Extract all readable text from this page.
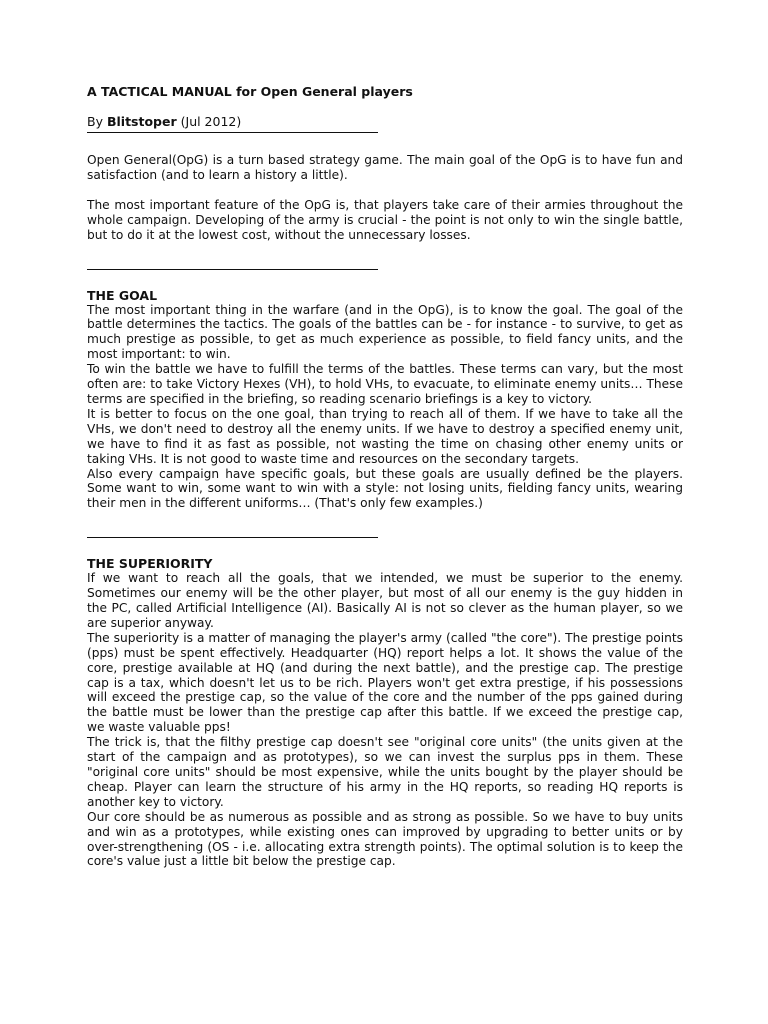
A TACTICAL MANUAL for Open General players
By Blitstoper (Jul 2012)

Open General(OpG) is a turn based strategy game. The main goal of the OpG is to have fun and satisfaction (and to learn a history a little).

The most important feature of the OpG is, that players take care of their armies throughout the whole campaign. Developing of the army is crucial - the point is not only to win the single battle, but to do it at the lowest cost, without the unnecessary losses.

THE GOAL

The most important thing in the warfare (and in the OpG), is to know the goal. The goal of the battle determines the tactics. The goals of the battles can be - for instance - to survive, to get as much prestige as possible, to get as much experience as possible, to field fancy units, and the most important: to win.

To win the battle we have to fulfill the terms of the battles. These terms can vary, but the most often are: to take Victory Hexes (VH), to hold VHs, to evacuate, to eliminate enemy units… These terms are specified in the briefing, so reading scenario briefings is a key to victory.

It is better to focus on the one goal, than trying to reach all of them. If we have to take all the VHs, we don't need to destroy all the enemy units. If we have to destroy a specified enemy unit, we have to find it as fast as possible, not wasting the time on chasing other enemy units or taking VHs. It is not good to waste time and resources on the secondary targets.

Also every campaign have specific goals, but these goals are usually defined be the players. Some want to win, some want to win with a style: not losing units, fielding fancy units, wearing their men in the different uniforms… (That's only few examples.)

THE SUPERIORITY

If we want to reach all the goals, that we intended, we must be superior to the enemy. Sometimes our enemy will be the other player, but most of all our enemy is the guy hidden in the PC, called Artificial Intelligence (AI). Basically AI is not so clever as the human player, so we are superior anyway.

The superiority is a matter of managing the player's army (called "the core"). The prestige points (pps) must be spent effectively. Headquarter (HQ) report helps a lot. It shows the value of the core, prestige available at HQ (and during the next battle), and the prestige cap. The prestige cap is a tax, which doesn't let us to be rich. Players won't get extra prestige, if his possessions will exceed the prestige cap, so the value of the core and the number of the pps gained during the battle must be lower than the prestige cap after this battle. If we exceed the prestige cap, we waste valuable pps!

The trick is, that the filthy prestige cap doesn't see "original core units" (the units given at the start of the campaign and as prototypes), so we can invest the surplus pps in them. These "original core units" should be most expensive, while the units bought by the player should be cheap. Player can learn the structure of his army in the HQ reports, so reading HQ reports is another key to victory.

Our core should be as numerous as possible and as strong as possible. So we have to buy units and win as a prototypes, while existing ones can improved by upgrading to better units or by over-strengthening (OS - i.e. allocating extra strength points). The optimal solution is to keep the core's value just a little bit below the prestige cap.
